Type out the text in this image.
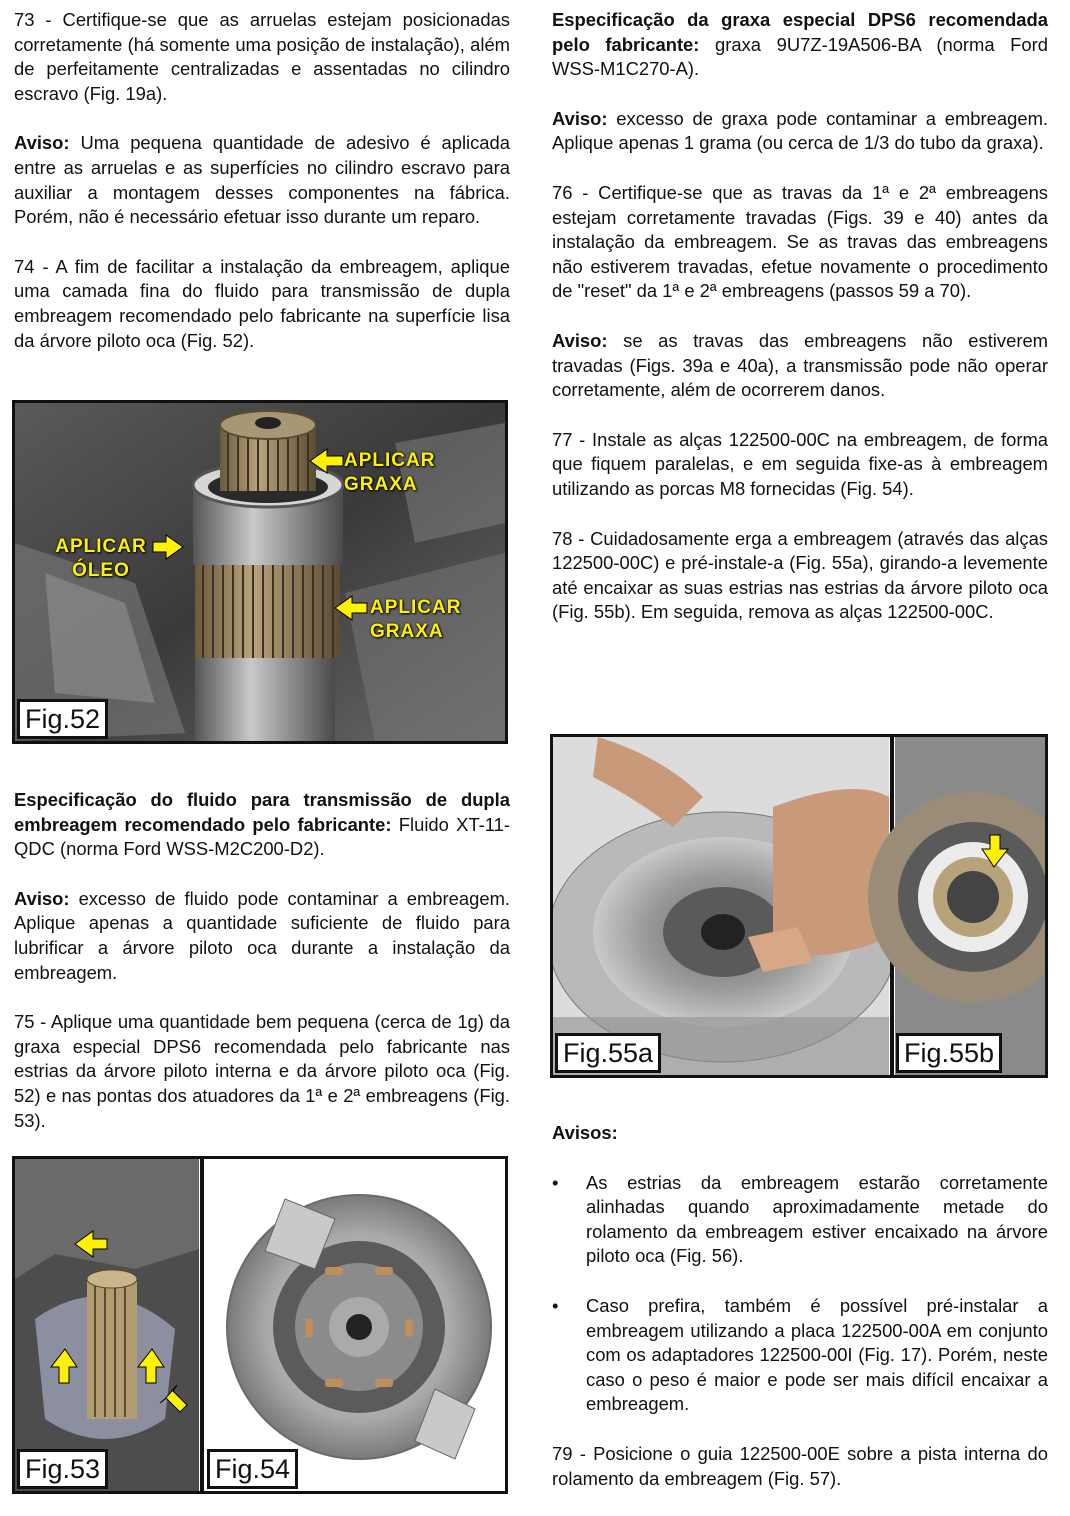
73 - Certifique-se que as arruelas estejam posicionadas corretamente (há somente uma posição de instalação), além de perfeitamente centralizadas e assentadas no cilindro escravo (Fig. 19a).

Aviso: Uma pequena quantidade de adesivo é aplicada entre as arruelas e as superfícies no cilindro escravo para auxiliar a montagem desses componentes na fábrica. Porém, não é necessário efetuar isso durante um reparo.

74 - A fim de facilitar a instalação da embreagem, aplique uma camada fina do fluido para transmissão de dupla embreagem recomendado pelo fabricante na superfície lisa da árvore piloto oca (Fig. 52).

APLICAR GRAXA
APLICAR ÓLEO
APLICAR GRAXA
Fig.52

Especificação do fluido para transmissão de dupla embreagem recomendado pelo fabricante: Fluido XT-11-QDC (norma Ford WSS-M2C200-D2).

Aviso: excesso de fluido pode contaminar a embreagem. Aplique apenas a quantidade suficiente de fluido para lubrificar a árvore piloto oca durante a instalação da embreagem.

75 - Aplique uma quantidade bem pequena (cerca de 1g) da graxa especial DPS6 recomendada pelo fabricante nas estrias da árvore piloto interna e da árvore piloto oca (Fig. 52) e nas pontas dos atuadores da 1ª e 2ª embreagens (Fig. 53).

Fig.53	Fig.54

Especificação da graxa especial DPS6 recomendada pelo fabricante: graxa 9U7Z-19A506-BA (norma Ford WSS-M1C270-A).

Aviso: excesso de graxa pode contaminar a embreagem. Aplique apenas 1 grama (ou cerca de 1/3 do tubo da graxa).

76 - Certifique-se que as travas da 1ª e 2ª embreagens estejam corretamente travadas (Figs. 39 e 40) antes da instalação da embreagem. Se as travas das embreagens não estiverem travadas, efetue novamente o procedimento de "reset" da 1ª e 2ª embreagens (passos 59 a 70).

Aviso: se as travas das embreagens não estiverem travadas (Figs. 39a e 40a), a transmissão pode não operar corretamente, além de ocorrerem danos.

77 - Instale as alças 122500-00C na embreagem, de forma que fiquem paralelas, e em seguida fixe-as à embreagem utilizando as porcas M8 fornecidas (Fig. 54).

78 - Cuidadosamente erga a embreagem (através das alças 122500-00C) e pré-instale-a (Fig. 55a), girando-a levemente até encaixar as suas estrias nas estrias da árvore piloto oca (Fig. 55b). Em seguida, remova as alças 122500-00C.

Fig.55a	Fig.55b

Avisos:

•	As estrias da embreagem estarão corretamente alinhadas quando aproximadamente metade do rolamento da embreagem estiver encaixado na árvore piloto oca (Fig. 56).
•	Caso prefira, também é possível pré-instalar a embreagem utilizando a placa 122500-00A em conjunto com os adaptadores 122500-00I (Fig. 17). Porém, neste caso o peso é maior e pode ser mais difícil encaixar a embreagem.

79 - Posicione o guia 122500-00E sobre a pista interna do rolamento da embreagem (Fig. 57).
